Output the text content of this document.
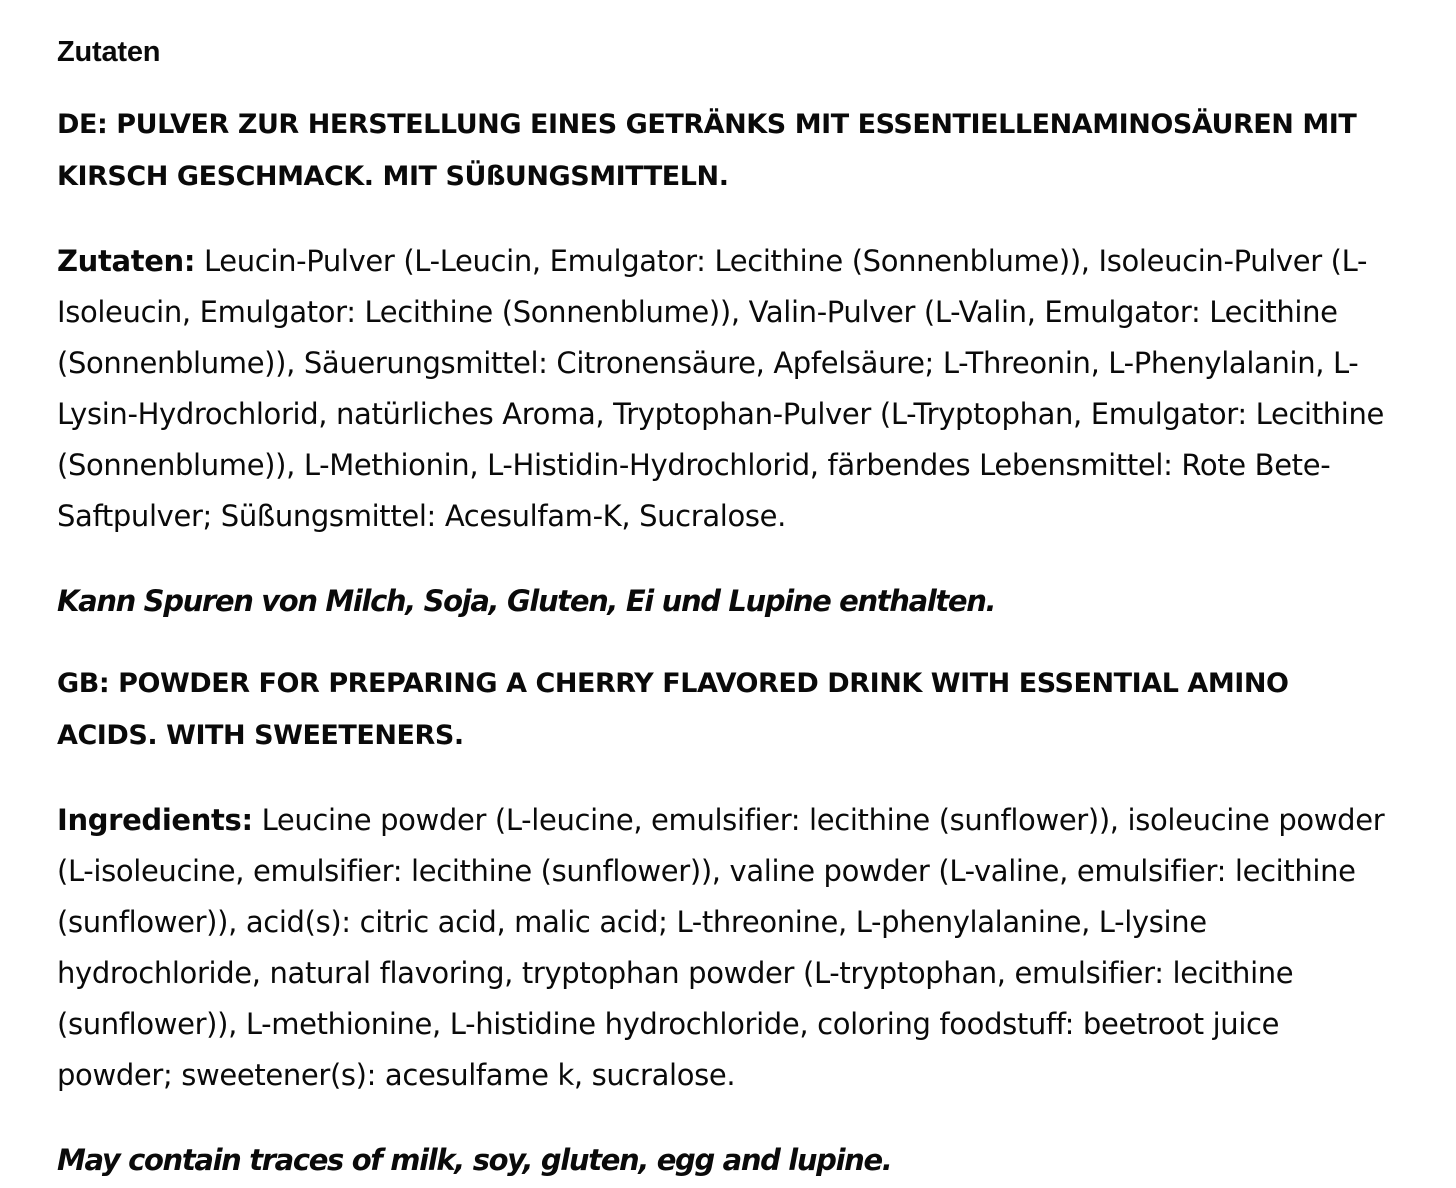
Zutaten

DE: PULVER ZUR HERSTELLUNG EINES GETRÄNKS MIT ESSENTIELLENAMINOSÄUREN MIT KIRSCH GESCHMACK. MIT SÜßUNGSMITTELN.

Zutaten: Leucin-Pulver (L-Leucin, Emulgator: Lecithine (Sonnenblume)), Isoleucin-Pulver (L-Isoleucin, Emulgator: Lecithine (Sonnenblume)), Valin-Pulver (L-Valin, Emulgator: Lecithine (Sonnenblume)), Säuerungsmittel: Citronensäure, Apfelsäure; L-Threonin, L-Phenylalanin, L-Lysin-Hydrochlorid, natürliches Aroma, Tryptophan-Pulver (L-Tryptophan, Emulgator: Lecithine (Sonnenblume)), L-Methionin, L-Histidin-Hydrochlorid, färbendes Lebensmittel: Rote Bete-Saftpulver; Süßungsmittel: Acesulfam-K, Sucralose.

Kann Spuren von Milch, Soja, Gluten, Ei und Lupine enthalten.

GB: POWDER FOR PREPARING A CHERRY FLAVORED DRINK WITH ESSENTIAL AMINO ACIDS. WITH SWEETENERS.

Ingredients: Leucine powder (L-leucine, emulsifier: lecithine (sunflower)), isoleucine powder (L-isoleucine, emulsifier: lecithine (sunflower)), valine powder (L-valine, emulsifier: lecithine (sunflower)), acid(s): citric acid, malic acid; L-threonine, L-phenylalanine, L-lysine hydrochloride, natural flavoring, tryptophan powder (L-tryptophan, emulsifier: lecithine (sunflower)), L-methionine, L-histidine hydrochloride, coloring foodstuff: beetroot juice powder; sweetener(s): acesulfame k, sucralose.

May contain traces of milk, soy, gluten, egg and lupine.
